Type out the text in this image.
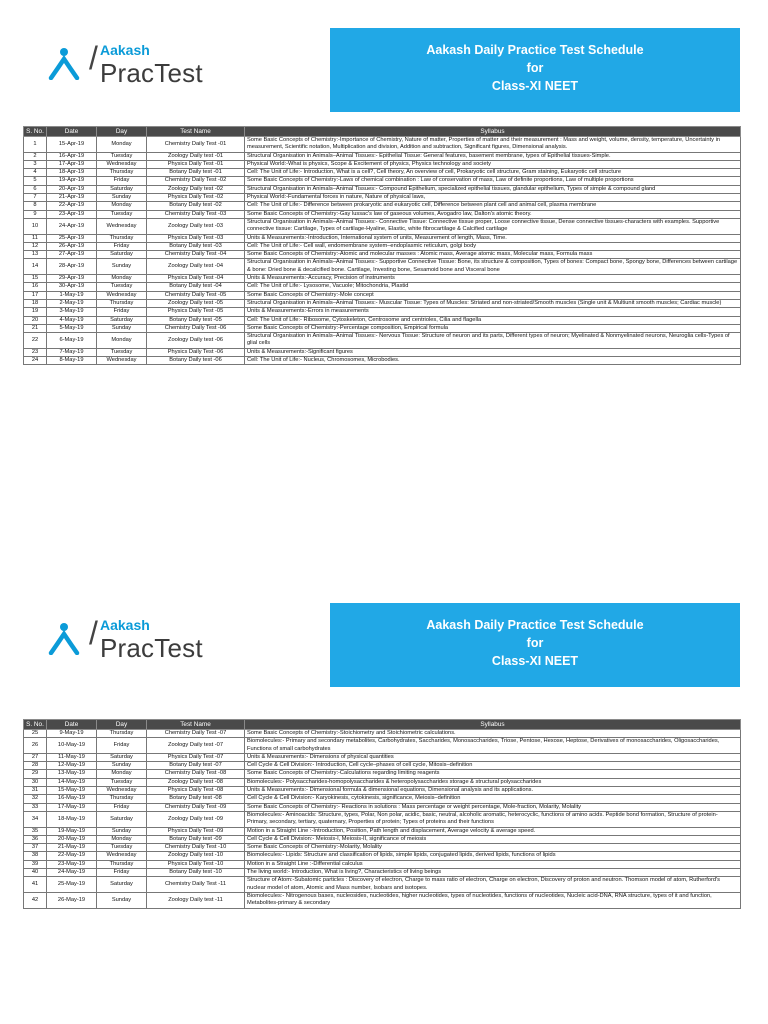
/ Aakash
PracTest
Aakash Daily Practice Test Schedule
for
Class-XI NEET
S. No.	Date	Day	Test Name	Syllabus
1	15-Apr-19	Monday	Chemistry Daily Test -01	Some Basic Concepts of Chemistry:-Importance of Chemistry, Nature of matter, Properties of matter and their measurement : Mass and weight, volume, density, temperature, Uncertainty in measurement, Scientific notation, Multiplication and division, Addition and subtraction, Significant figures, Dimensional analysis.
2	16-Apr-19	Tuesday	Zoology Daily test -01	Structural Organisation in Animals–Animal Tissues:- Epithelial Tissue: General features, basement membrane, types of Epithelial tissues-Simple.
3	17-Apr-19	Wednesday	Physics Daily Test -01	Physical World:-What is physics, Scope & Excitement of physics, Physics technology and society
4	18-Apr-19	Thursday	Botany Daily test -01	Cell: The Unit of Life:- Introduction, What is a cell?, Cell theory, An overview of cell, Prokaryotic cell structure, Gram staining, Eukaryotic cell structure
5	19-Apr-19	Friday	Chemistry Daily Test -02	Some Basic Concepts of Chemistry:-Laws of chemical combination : Law of conservation of mass, Law of definite proportions, Law of multiple proportions
6	20-Apr-19	Saturday	Zoology Daily test -02	Structural Organisation in Animals–Animal Tissues:- Compound Epithelium, specialized epithelial tissues, glandular epithelium, Types of simple & compound gland
7	21-Apr-19	Sunday	Physics Daily Test -02	Physical World:-Fundamental forces in nature, Nature of physical laws,
8	22-Apr-19	Monday	Botany Daily test -02	Cell: The Unit of Life:- Difference between prokaryotic and eukaryotic cell, Difference between plant cell and animal cell, plasma membrane
9	23-Apr-19	Tuesday	Chemistry Daily Test -03	Some Basic Concepts of Chemistry:-Gay lussac's law of gaseous volumes, Avogadro law, Dalton's atomic theory.
10	24-Apr-19	Wednesday	Zoology Daily test -03	Structural Organisation in Animals–Animal Tissues:- Connective Tissue: Connective tissue proper, Loose connective tissue, Dense connective tissues-characters with examples. Supportive connective tissue: Cartilage, Types of cartilage-Hyaline, Elastic, white fibrocartilage & Calcified cartilage
11	25-Apr-19	Thursday	Physics Daily Test -03	Units & Measurements:-Introduction, International system of units, Measurement of length, Mass, Time.
12	26-Apr-19	Friday	Botany Daily test -03	Cell: The Unit of Life:- Cell wall, endomembrane system–endoplasmic reticulum, golgi body
13	27-Apr-19	Saturday	Chemistry Daily Test -04	Some Basic Concepts of Chemistry:-Atomic and molecular masses : Atomic mass, Average atomic mass, Molecular mass, Formula mass
14	28-Apr-19	Sunday	Zoology Daily test -04	Structural Organisation in Animals–Animal Tissues:- Supportive Connective Tissue: Bone, its structure & composition, Types of bones: Compact bone, Spongy bone, Differences between cartilage & bone: Dried bone & decalcified bone. Cartilage, Investing bone, Sesamoid bone and Visceral bone
15	29-Apr-19	Monday	Physics Daily Test -04	Units & Measurements:-Accuracy, Precision of instruments
16	30-Apr-19	Tuesday	Botany Daily test -04	Cell: The Unit of Life:- Lysosome, Vacuole; Mitochondria, Plastid
17	1-May-19	Wednesday	Chemistry Daily Test -05	Some Basic Concepts of Chemistry:-Mole concept
18	2-May-19	Thursday	Zoology Daily test -05	Structural Organisation in Animals–Animal Tissues:- Muscular Tissue: Types of Muscles: Striated and non-striated/Smooth muscles (Single unit & Multiunit smooth muscles; Cardiac muscle)
19	3-May-19	Friday	Physics Daily Test -05	Units & Measurements:-Errors in measurements
20	4-May-19	Saturday	Botany Daily test -05	Cell: The Unit of Life:- Ribosome, Cytoskeleton, Centrosome and centrioles, Cilia and flagella
21	5-May-19	Sunday	Chemistry Daily Test -06	Some Basic Concepts of Chemistry:-Percentage composition, Empirical formula
22	6-May-19	Monday	Zoology Daily test -06	Structural Organisation in Animals–Animal Tissues:- Nervous Tissue: Structure of neuron and its parts, Different types of neuron; Myelinated & Nonmyelinated neurons, Neuroglia cells-Types of glial cells
23	7-May-19	Tuesday	Physics Daily Test -06	Units & Measurements:-Significant figures
24	8-May-19	Wednesday	Botany Daily test -06	Cell: The Unit of Life:- Nucleus, Chromosomes, Microbodies.
/ Aakash
PracTest
Aakash Daily Practice Test Schedule
for
Class-XI NEET
S. No.	Date	Day	Test Name	Syllabus
25	9-May-19	Thursday	Chemistry Daily Test -07	Some Basic Concepts of Chemistry:-Stoichiometry and Stoichiometric calculations.
26	10-May-19	Friday	Zoology Daily test -07	Biomolecules:- Primary and secondary metabolites, Carbohydrates, Saccharides, Monosaccharides, Triose, Pentose, Hexose, Heptose, Derivatives of monosaccharides, Oligosaccharides, Functions of small carbohydrates
27	11-May-19	Saturday	Physics Daily Test -07	Units & Measurements:- Dimensions of physical quantities
28	12-May-19	Sunday	Botany Daily test -07	Cell Cycle & Cell Division:- Introduction, Cell cycle–phases of cell cycle, Mitosis–definition
29	13-May-19	Monday	Chemistry Daily Test -08	Some Basic Concepts of Chemistry:-Calculations regarding limiting reagents
30	14-May-19	Tuesday	Zoology Daily test -08	Biomolecules:- Polysaccharides-homopolysaccharides & heteropolysaccharides storage & structural polysaccharides
31	15-May-19	Wednesday	Physics Daily Test -08	Units & Measurements:- Dimensional formula & dimensional equations, Dimensional analysis and its applications.
32	16-May-19	Thursday	Botany Daily test -08	Cell Cycle & Cell Division:- Karyokinesis, cytokinesis, significance, Meiosis–definition
33	17-May-19	Friday	Chemistry Daily Test -09	Some Basic Concepts of Chemistry:- Reactions in solutions : Mass percentage or weight percentage, Mole-fraction, Molarity, Molality
34	18-May-19	Saturday	Zoology Daily test -09	Biomolecules:- Aminoacids: Structure, types, Polar, Non polar, acidic, basic, neutral, alcoholic aromatic, heterocyclic, functions of amino acids. Peptide bond formation, Structure of protein-Primary, secondary, tertiary, quaternary, Properties of protein; Types of proteins and their functions
35	19-May-19	Sunday	Physics Daily Test -09	Motion in a Straight Line :-Introduction, Position, Path length and displacement, Average velocity & average speed.
36	20-May-19	Monday	Botany Daily test -09	Cell Cycle & Cell Division:- Meiosis-I, Meiosis-II, significance of meiosis
37	21-May-19	Tuesday	Chemistry Daily Test -10	Some Basic Concepts of Chemistry:-Molarity, Molality
38	22-May-19	Wednesday	Zoology Daily test -10	Biomolecules:- Lipids: Structure and classification of lipids, simple lipids, conjugated lipids, derived lipids, functions of lipids
39	23-May-19	Thursday	Physics Daily Test -10	Motion in a Straight Line :-Differential calculus
40	24-May-19	Friday	Botany Daily test -10	The living world:- Introduction, What is living?, Characteristics of living beings
41	25-May-19	Saturday	Chemistry Daily Test -11	Structure of Atom:-Subatomic particles : Discovery of electron, Charge to mass ratio of electron, Charge on electron, Discovery of proton and neutron. Thomson model of atom, Rutherford's nuclear model of atom, Atomic and Mass number, Isobars and isotopes.
42	26-May-19	Sunday	Zoology Daily test -11	Biomolecules:- Nitrogenous bases, nucleosides, nucleotides, higher nucleotides, types of nucleotides, functions of nucleotides, Nucleic acid-DNA, RNA structure, types of it and function, Metabolites-primary & secondary
